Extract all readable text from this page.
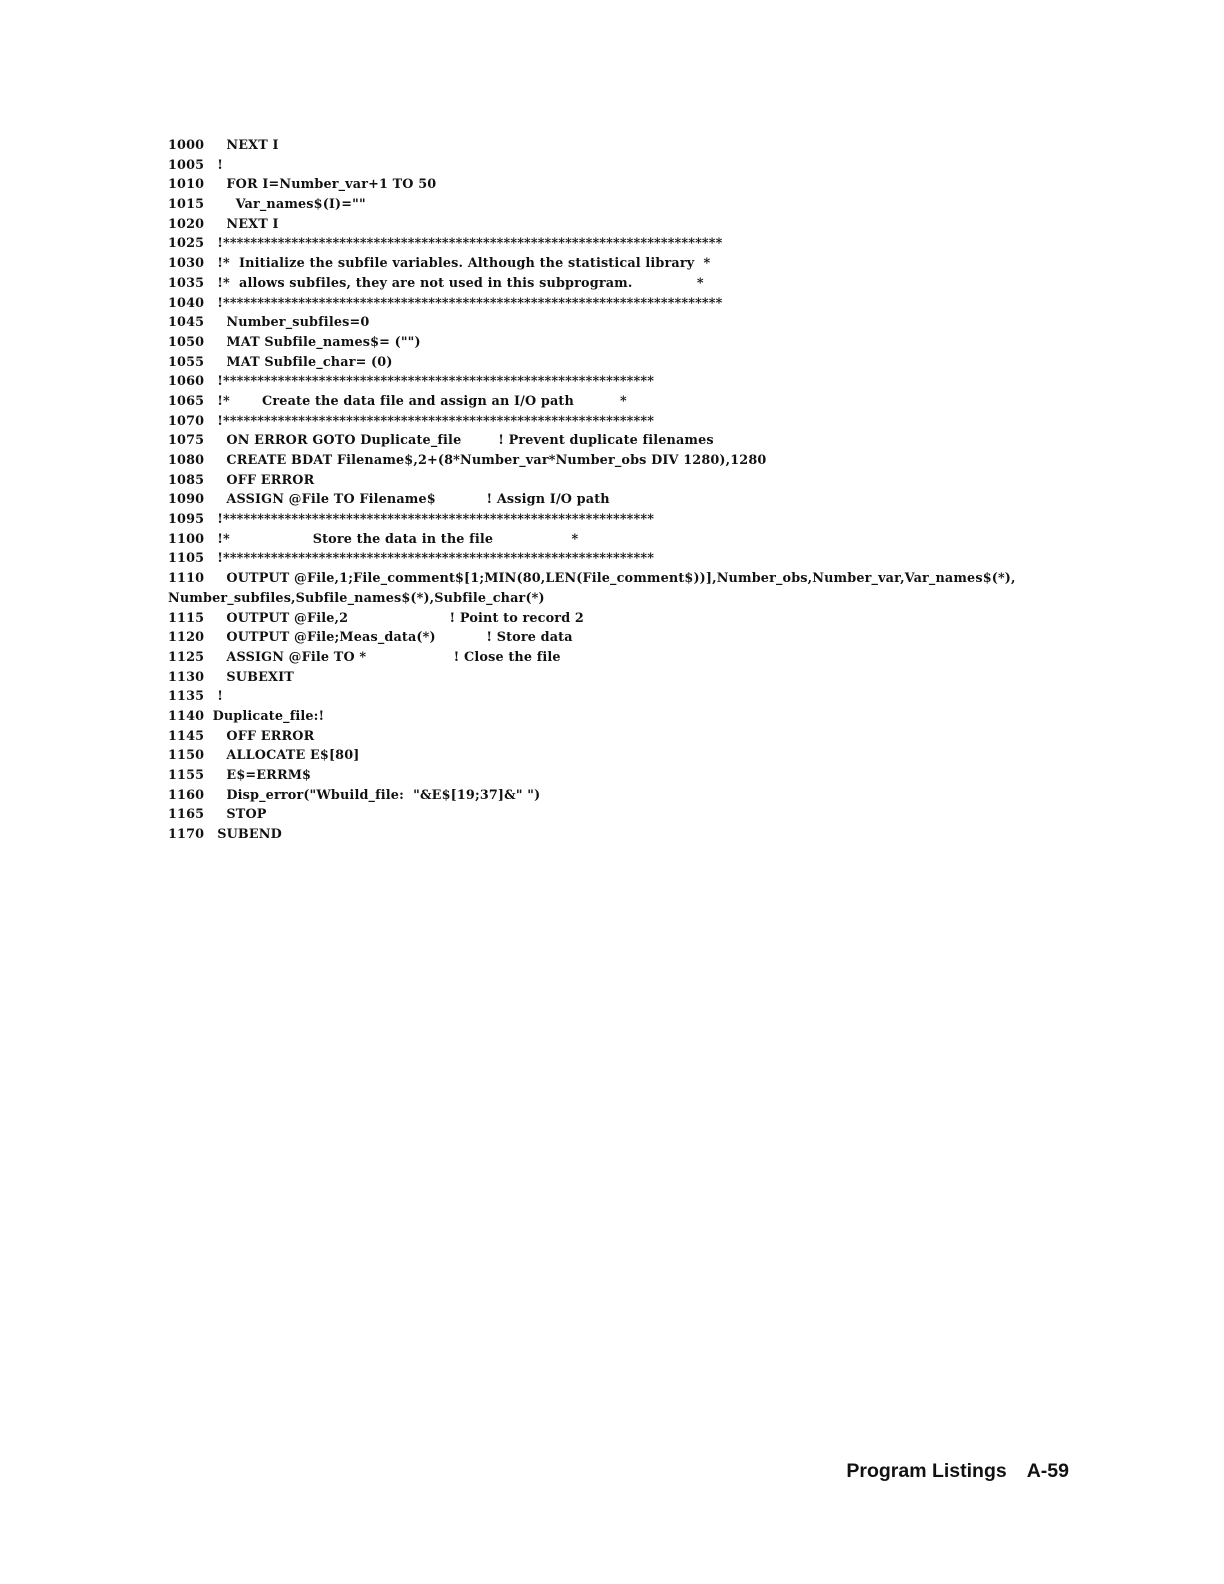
1000    NEXT I
1005  !
1010    FOR I=Number_var+1 TO 50
1015      Var_names$(I)=""
1020    NEXT I
1025  !*************************************************************************
1030  !*  Initialize the subfile variables. Although the statistical library  *
1035  !*  allows subfiles, they are not used in this subprogram.              *
1040  !*************************************************************************
1045    Number_subfiles=0
1050    MAT Subfile_names$= ("")
1055    MAT Subfile_char= (0)
1060  !***************************************************************
1065  !*       Create the data file and assign an I/O path          *
1070  !***************************************************************
1075    ON ERROR GOTO Duplicate_file        ! Prevent duplicate filenames
1080    CREATE BDAT Filename$,2+(8*Number_var*Number_obs DIV 1280),1280
1085    OFF ERROR
1090    ASSIGN @File TO Filename$           ! Assign I/O path
1095  !***************************************************************
1100  !*                  Store the data in the file                 *
1105  !***************************************************************
1110    OUTPUT @File,1;File_comment$[1;MIN(80,LEN(File_comment$))],Number_obs,Number_var,Var_names$(*),
Number_subfiles,Subfile_names$(*),Subfile_char(*)
1115    OUTPUT @File,2                      ! Point to record 2
1120    OUTPUT @File;Meas_data(*)           ! Store data
1125    ASSIGN @File TO *                   ! Close the file
1130    SUBEXIT
1135  !
1140 Duplicate_file:!
1145    OFF ERROR
1150    ALLOCATE E$[80]
1155    E$=ERRM$
1160    Disp_error("Wbuild_file:  "&E$[19;37]&" ")
1165    STOP
1170  SUBEND
Program Listings A-59
